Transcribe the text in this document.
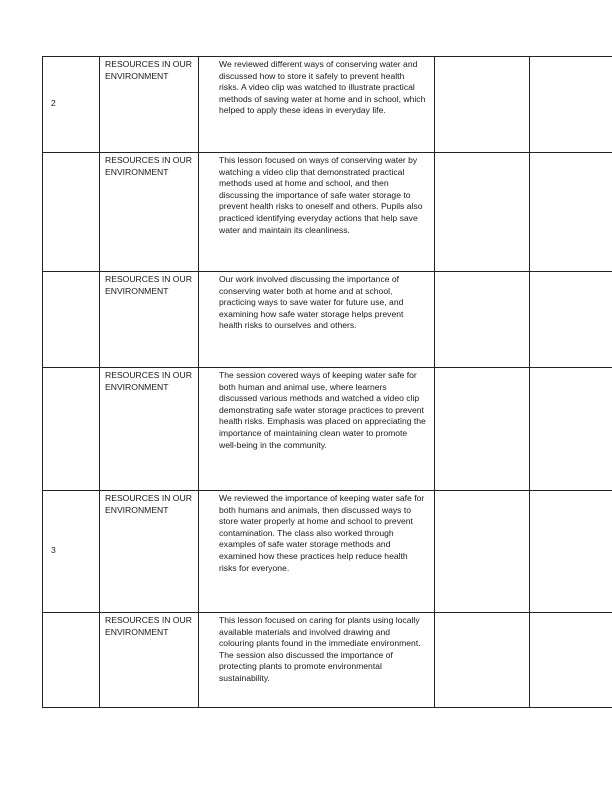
2	RESOURCES IN OUR ENVIRONMENT	We reviewed different ways of conserving water and discussed how to store it safely to prevent health risks. A video clip was watched to illustrate practical methods of saving water at home and in school, which helped to apply these ideas in everyday life.		

	RESOURCES IN OUR ENVIRONMENT	This lesson focused on ways of conserving water by watching a video clip that demonstrated practical methods used at home and school, and then discussing the importance of safe water storage to prevent health risks to oneself and others. Pupils also practiced identifying everyday actions that help save water and maintain its cleanliness.		

	RESOURCES IN OUR ENVIRONMENT	Our work involved discussing the importance of conserving water both at home and at school, practicing ways to save water for future use, and examining how safe water storage helps prevent health risks to ourselves and others.		

	RESOURCES IN OUR ENVIRONMENT	The session covered ways of keeping water safe for both human and animal use, where learners discussed various methods and watched a video clip demonstrating safe water storage practices to prevent health risks. Emphasis was placed on appreciating the importance of maintaining clean water to promote well-being in the community.		

3	RESOURCES IN OUR ENVIRONMENT	We reviewed the importance of keeping water safe for both humans and animals, then discussed ways to store water properly at home and school to prevent contamination. The class also worked through examples of safe water storage methods and examined how these practices help reduce health risks for everyone.		

	RESOURCES IN OUR ENVIRONMENT	This lesson focused on caring for plants using locally available materials and involved drawing and colouring plants found in the immediate environment. The session also discussed the importance of protecting plants to promote environmental sustainability.		
